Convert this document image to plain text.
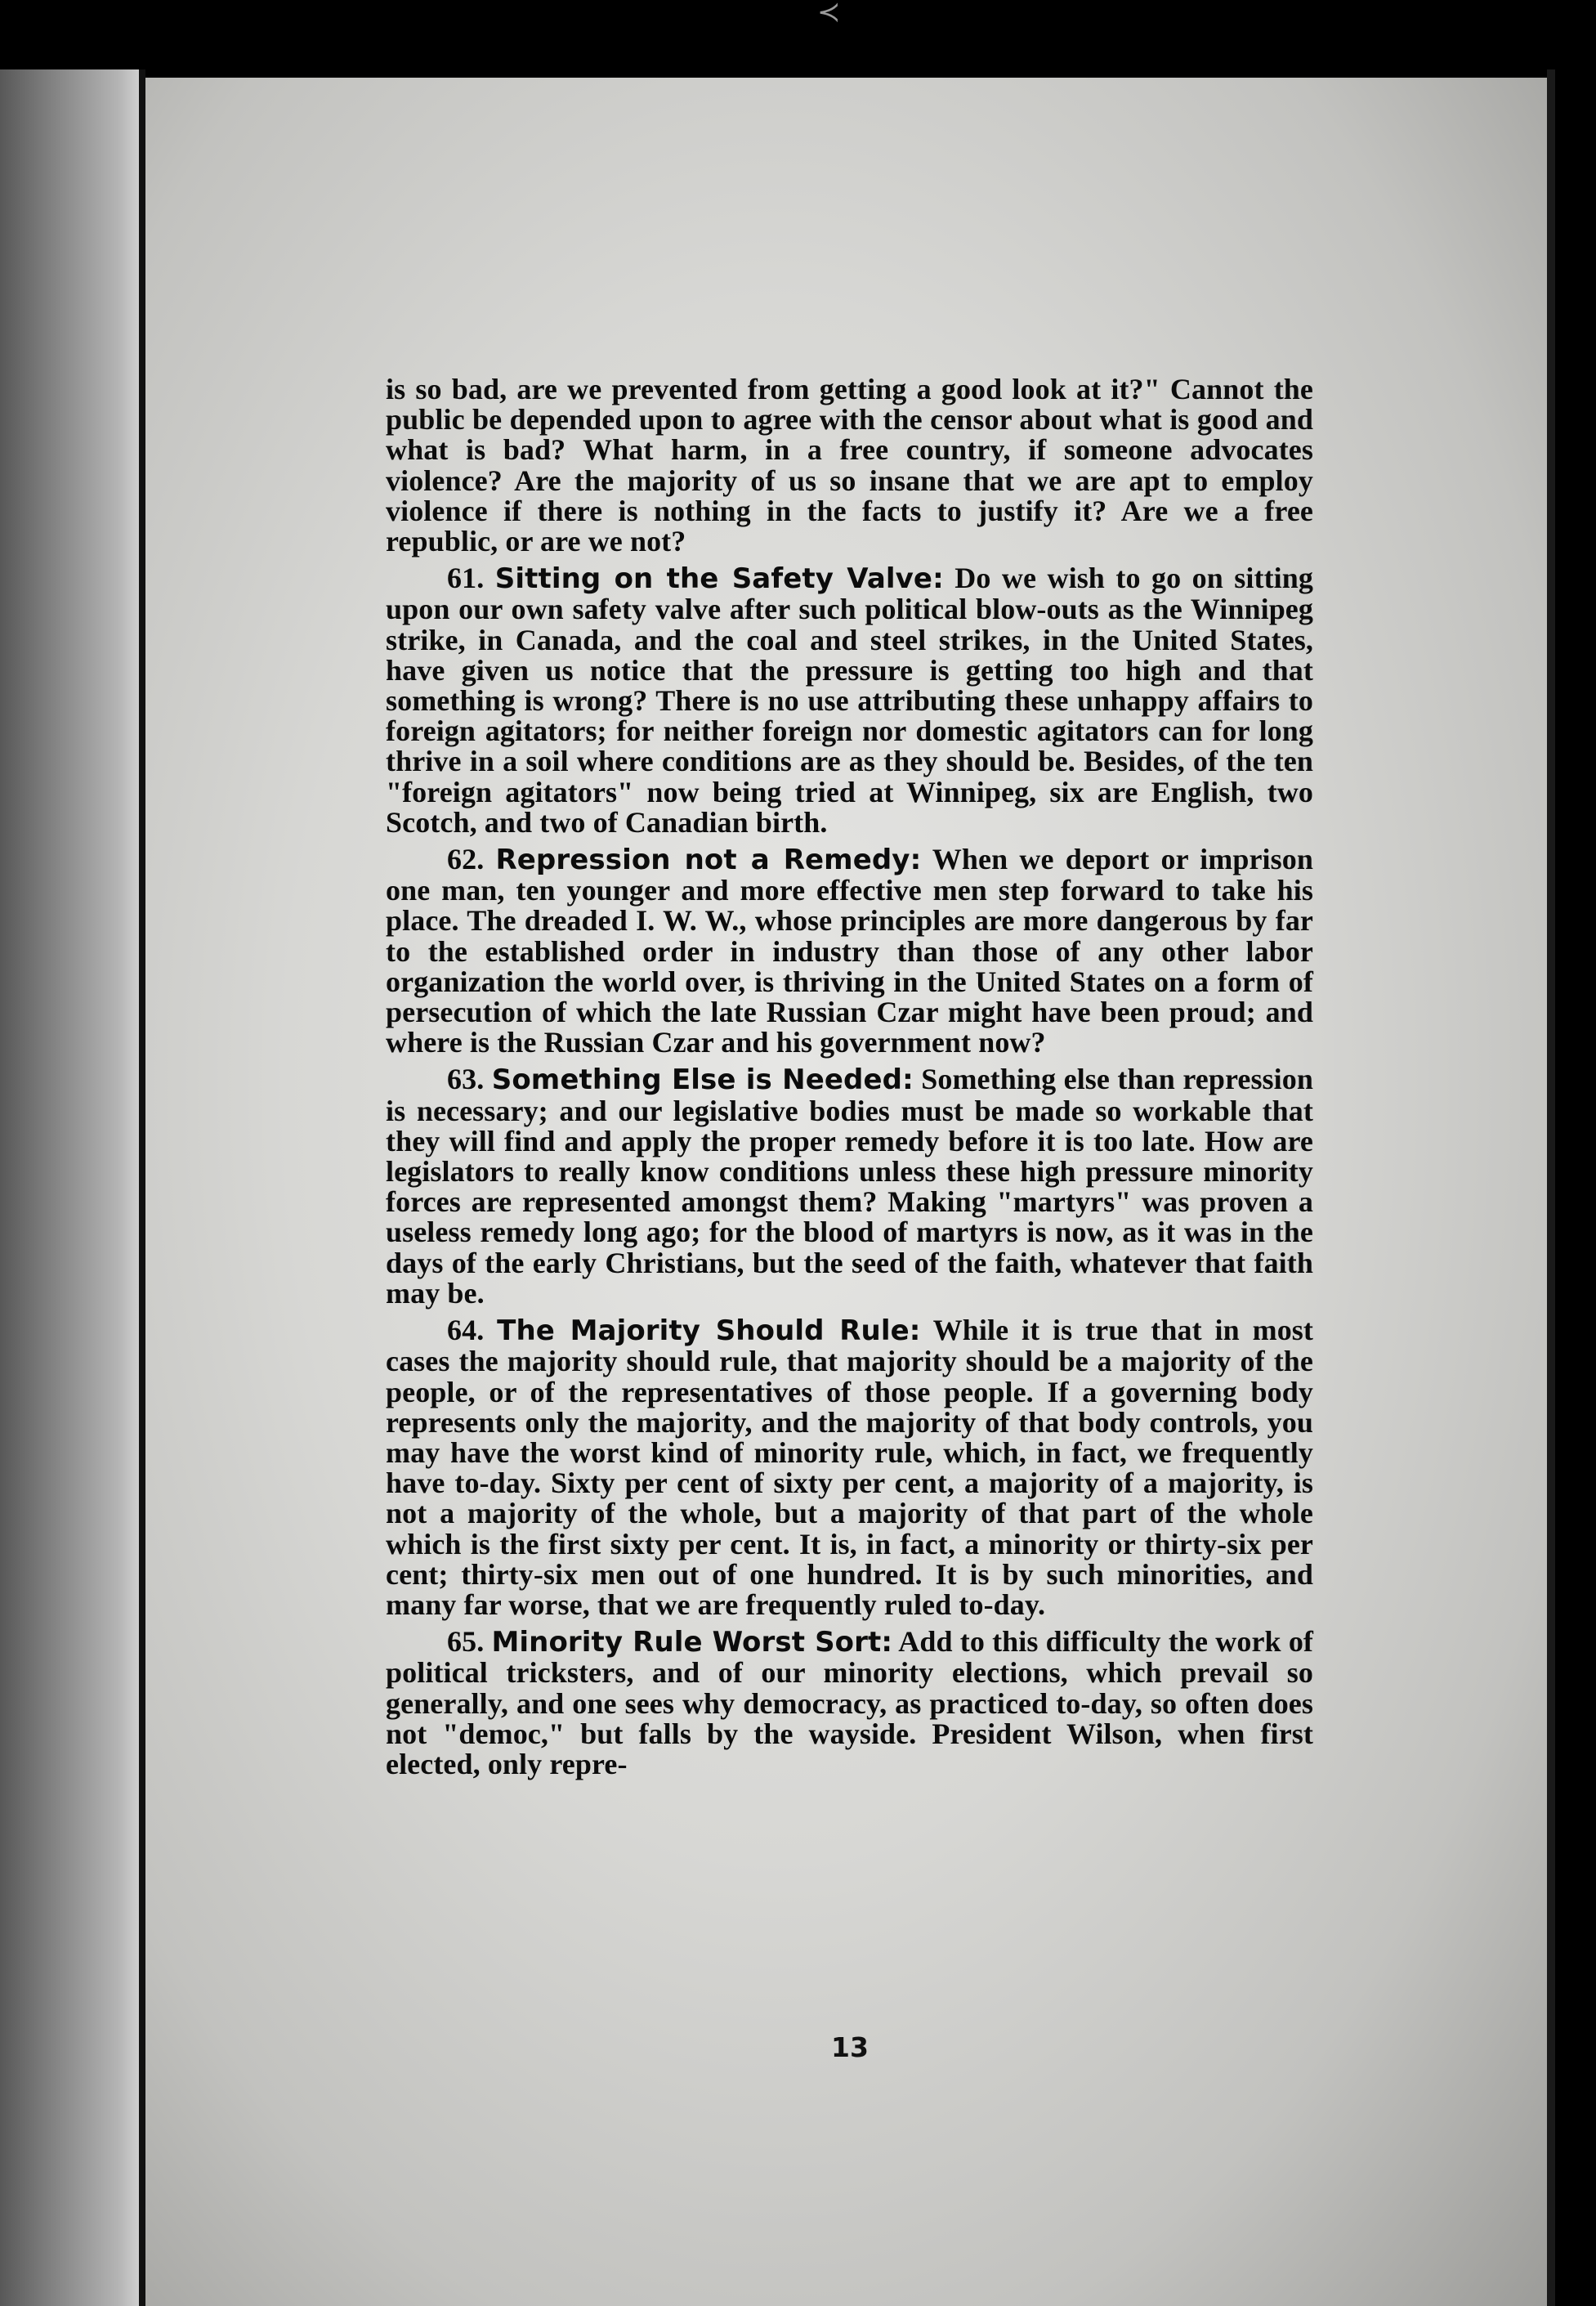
≺

is so bad, are we prevented from getting a good look at it?" Cannot the public be depended upon to agree with the censor about what is good and what is bad? What harm, in a free country, if someone advocates violence? Are the majority of us so insane that we are apt to employ violence if there is nothing in the facts to justify it? Are we a free republic, or are we not?

61. Sitting on the Safety Valve: Do we wish to go on sitting upon our own safety valve after such political blow-outs as the Winnipeg strike, in Canada, and the coal and steel strikes, in the United States, have given us notice that the pressure is getting too high and that something is wrong? There is no use attributing these unhappy affairs to foreign agitators; for neither foreign nor domestic agitators can for long thrive in a soil where conditions are as they should be. Besides, of the ten "foreign agitators" now being tried at Winnipeg, six are English, two Scotch, and two of Canadian birth.

62. Repression not a Remedy: When we deport or imprison one man, ten younger and more effective men step forward to take his place. The dreaded I. W. W., whose principles are more dangerous by far to the established order in industry than those of any other labor organization the world over, is thriving in the United States on a form of persecution of which the late Russian Czar might have been proud; and where is the Russian Czar and his government now?

63. Something Else is Needed: Something else than repression is necessary; and our legislative bodies must be made so workable that they will find and apply the proper remedy before it is too late. How are legislators to really know conditions unless these high pressure minority forces are represented amongst them? Making "martyrs" was proven a useless remedy long ago; for the blood of martyrs is now, as it was in the days of the early Christians, but the seed of the faith, whatever that faith may be.

64. The Majority Should Rule: While it is true that in most cases the majority should rule, that majority should be a majority of the people, or of the representatives of those people. If a governing body represents only the majority, and the majority of that body controls, you may have the worst kind of minority rule, which, in fact, we frequently have to-day. Sixty per cent of sixty per cent, a majority of a majority, is not a majority of the whole, but a majority of that part of the whole which is the first sixty per cent. It is, in fact, a minority or thirty-six per cent; thirty-six men out of one hundred. It is by such minorities, and many far worse, that we are frequently ruled to-day.

65. Minority Rule Worst Sort: Add to this difficulty the work of political tricksters, and of our minority elections, which prevail so generally, and one sees why democracy, as practiced to-day, so often does not "democ," but falls by the wayside. President Wilson, when first elected, only repre-

13
